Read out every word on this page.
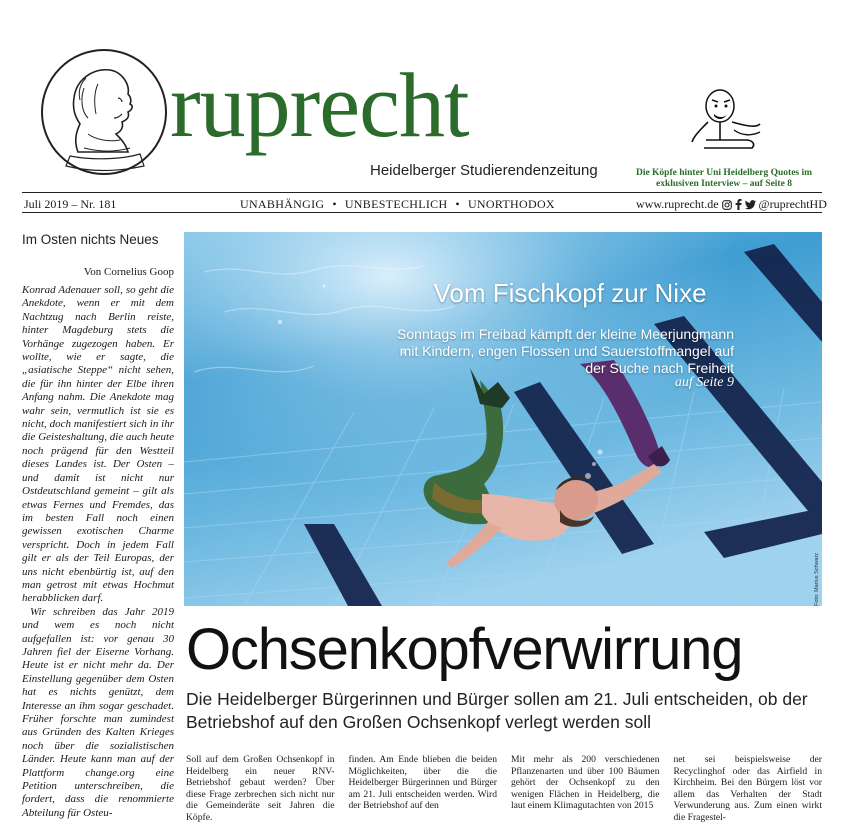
ruprecht
Heidelberger Studierendenzeitung	Die Köpfe hinter Uni Heidelberg Quotes im exklusiven Interview – auf Seite 8
Juli 2019 – Nr. 181	UNABHÄNGIG • UNBESTECHLICH • UNORTHODOX	www.ruprecht.de	@ruprechtHD
Im Osten nichts Neues
Von Cornelius Goop

Konrad Adenauer soll, so geht die Anekdote, wenn er mit dem Nachtzug nach Berlin reiste, hinter Magdeburg stets die Vorhänge zugezogen haben. Er wollte, wie er sagte, die „asiatische Steppe“ nicht sehen, die für ihn hinter der Elbe ihren Anfang nahm. Die Anekdote mag wahr sein, vermutlich ist sie es nicht, doch manifestiert sich in ihr die Geisteshaltung, die auch heute noch prägend für den Westteil dieses Landes ist. Der Osten – und damit ist nicht nur Ostdeutschland gemeint – gilt als etwas Fernes und Fremdes, das im besten Fall noch einen gewissen exotischen Charme verspricht. Doch in jedem Fall gilt er als der Teil Europas, der uns nicht ebenbürtig ist, auf den man getrost mit etwas Hochmut herabblicken darf.

Wir schreiben das Jahr 2019 und wem es noch nicht aufgefallen ist: vor genau 30 Jahren fiel der Eiserne Vorhang. Heute ist er nicht mehr da. Der Einstellung gegenüber dem Osten hat es nichts genützt, dem Interesse an ihm sogar geschadet. Früher forschte man zumindest aus Gründen des Kalten Krieges noch über die sozialistischen Länder. Heute kann man auf der Plattform change.org eine Petition unterschreiben, die fordert, dass die renommierte Abteilung für Osteu-

Vom Fischkopf zur Nixe
Sonntags im Freibad kämpft der kleine Meerjungmann mit Kindern, engen Flossen und Sauerstoffmangel auf der Suche nach Freiheit
auf Seite 9
Foto: Marius Schwarz
Ochsenkopfverwirrung
Die Heidelberger Bürgerinnen und Bürger sollen am 21. Juli entscheiden, ob der Betriebshof auf den Großen Ochsenkopf verlegt werden soll

Soll auf dem Großen Ochsenkopf in Heidelberg ein neuer RNV-Betriebshof gebaut werden? Über diese Frage zerbrechen sich nicht nur die Gemeinderäte seit Jahren die Köpfe.

finden. Am Ende blieben die beiden Möglichkeiten, über die die Heidelberger Bürgerinnen und Bürger am 21. Juli entscheiden werden. Wird der Betriebshof auf den

Mit mehr als 200 verschiedenen Pflanzenarten und über 100 Bäumen gehört der Ochsenkopf zu den wenigen Flächen in Heidelberg, die laut einem Klimagutachten von 2015

net sei beispielsweise der Recyclinghof oder das Airfield in Kirchheim. Bei den Bürgern löst vor allem das Verhalten der Stadt Verwunderung aus. Zum einen wirkt die Fragestel-
